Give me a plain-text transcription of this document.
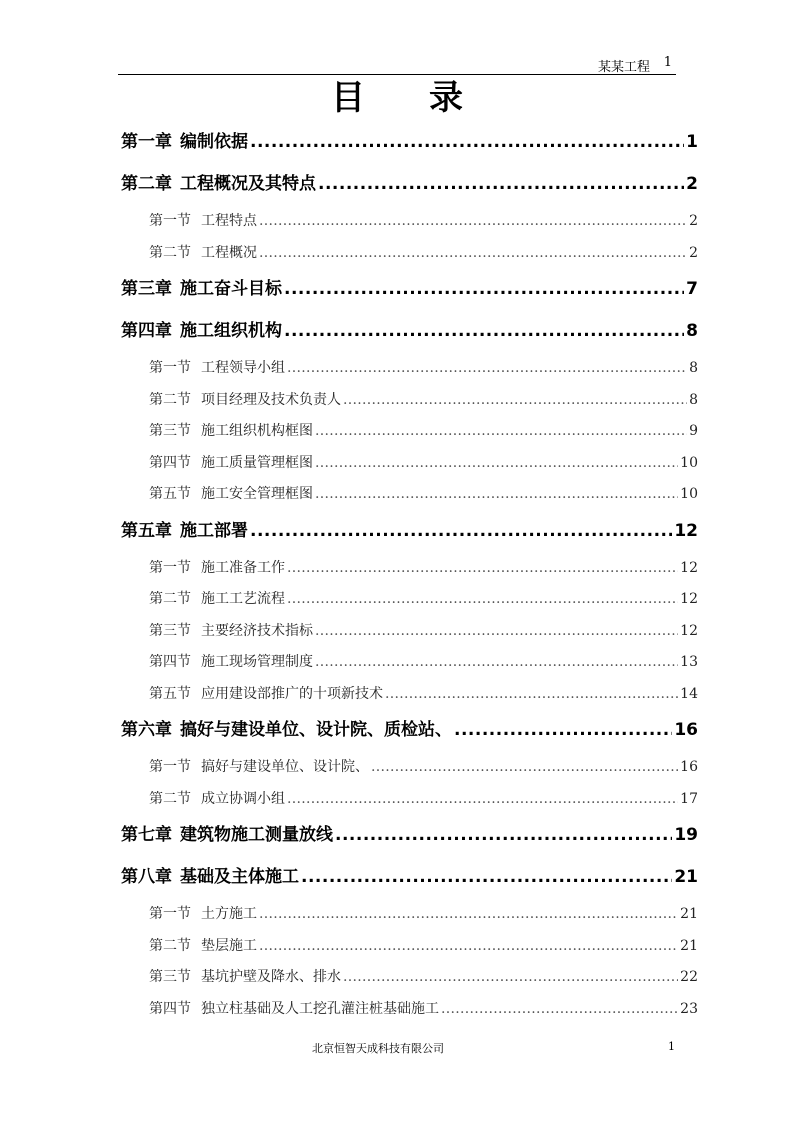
某某工程 1
目录
第一章 编制依据 .....	1
第二章 工程概况及其特点 .....	2
第一节 工程特点 .....	2
第二节 工程概况 .....	2
第三章 施工奋斗目标 .....	7
第四章 施工组织机构 .....	8
第一节 工程领导小组 .....	8
第二节 项目经理及技术负责人 .....	8
第三节 施工组织机构框图 .....	9
第四节 施工质量管理框图 .....	10
第五节 施工安全管理框图 .....	10
第五章 施工部署 .....	12
第一节 施工准备工作 .....	12
第二节 施工工艺流程 .....	12
第三节 主要经济技术指标 .....	12
第四节 施工现场管理制度 .....	13
第五节 应用建设部推广的十项新技术 .....	14
第六章 搞好与建设单位、设计院、质检站、 .....	16
第一节 搞好与建设单位、设计院、 .....	16
第二节 成立协调小组 .....	17
第七章 建筑物施工测量放线 .....	19
第八章 基础及主体施工 .....	21
第一节 土方施工 .....	21
第二节 垫层施工 .....	21
第三节 基坑护壁及降水、排水 .....	22
第四节 独立柱基础及人工挖孔灌注桩基础施工 .....	23
北京恒智天成科技有限公司	1
